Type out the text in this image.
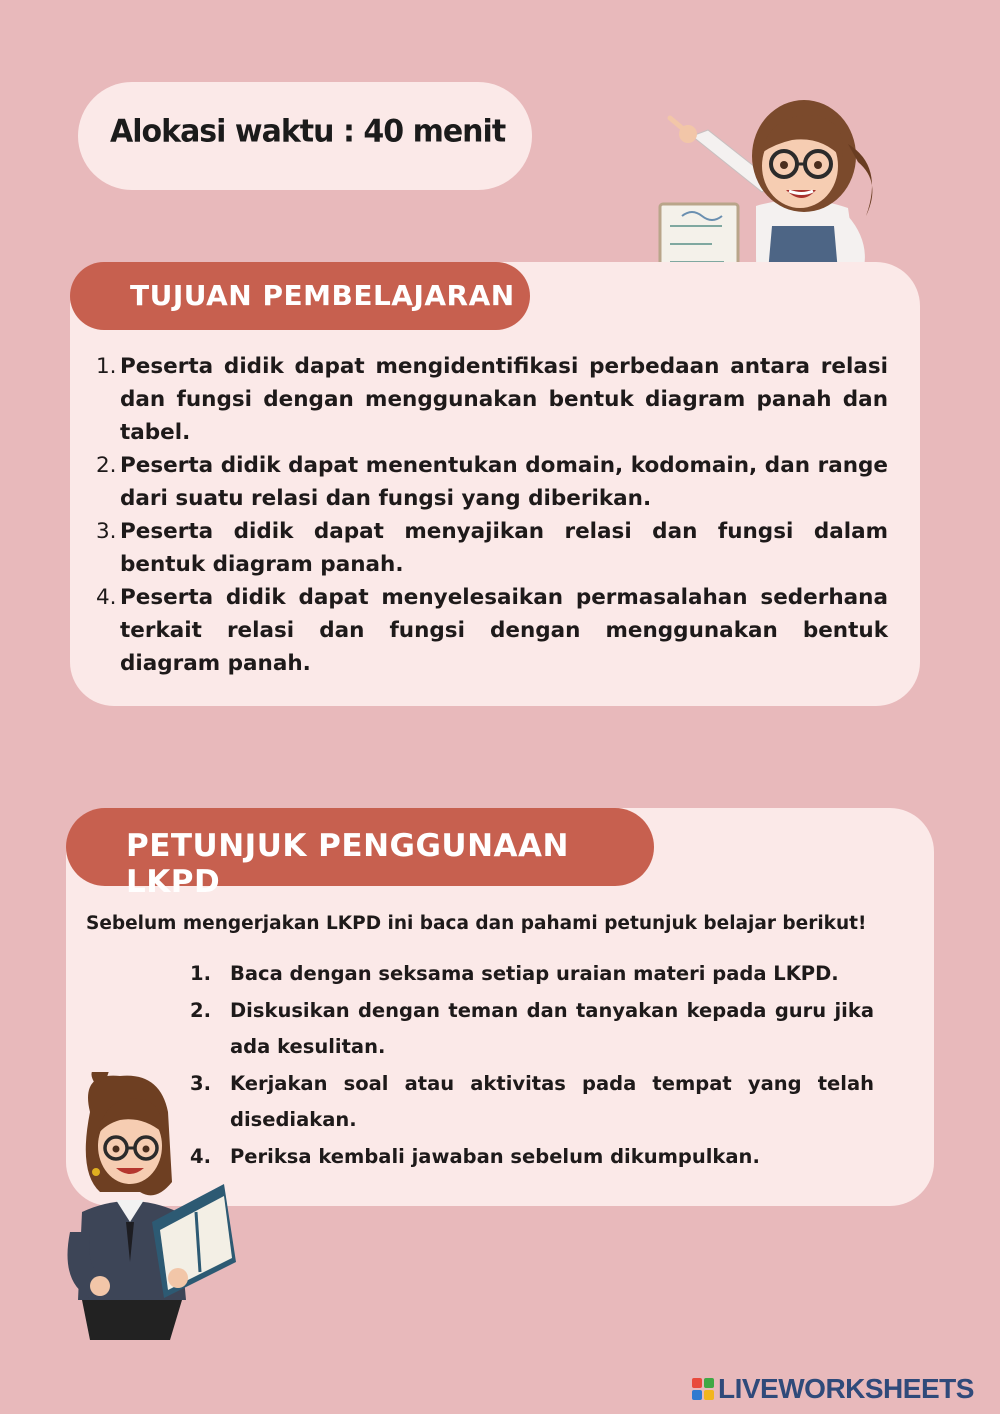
Alokasi waktu : 40 menit
TUJUAN PEMBELAJARAN
1. Peserta didik dapat mengidentifikasi perbedaan antara relasi dan fungsi dengan menggunakan bentuk diagram panah dan tabel.
2. Peserta didik dapat menentukan domain, kodomain, dan range dari suatu relasi dan fungsi yang diberikan.
3. Peserta didik dapat menyajikan relasi dan fungsi dalam bentuk diagram panah.
4. Peserta didik dapat menyelesaikan permasalahan sederhana terkait relasi dan fungsi dengan menggunakan bentuk diagram panah.
PETUNJUK PENGGUNAAN LKPD

Sebelum mengerjakan LKPD ini baca dan pahami petunjuk belajar berikut!

1. Baca dengan seksama setiap uraian materi pada LKPD.
2. Diskusikan dengan teman dan tanyakan kepada guru jika ada kesulitan.
3. Kerjakan soal atau aktivitas pada tempat yang telah disediakan.
4. Periksa kembali jawaban sebelum dikumpulkan.
LIVEWORKSHEETS
